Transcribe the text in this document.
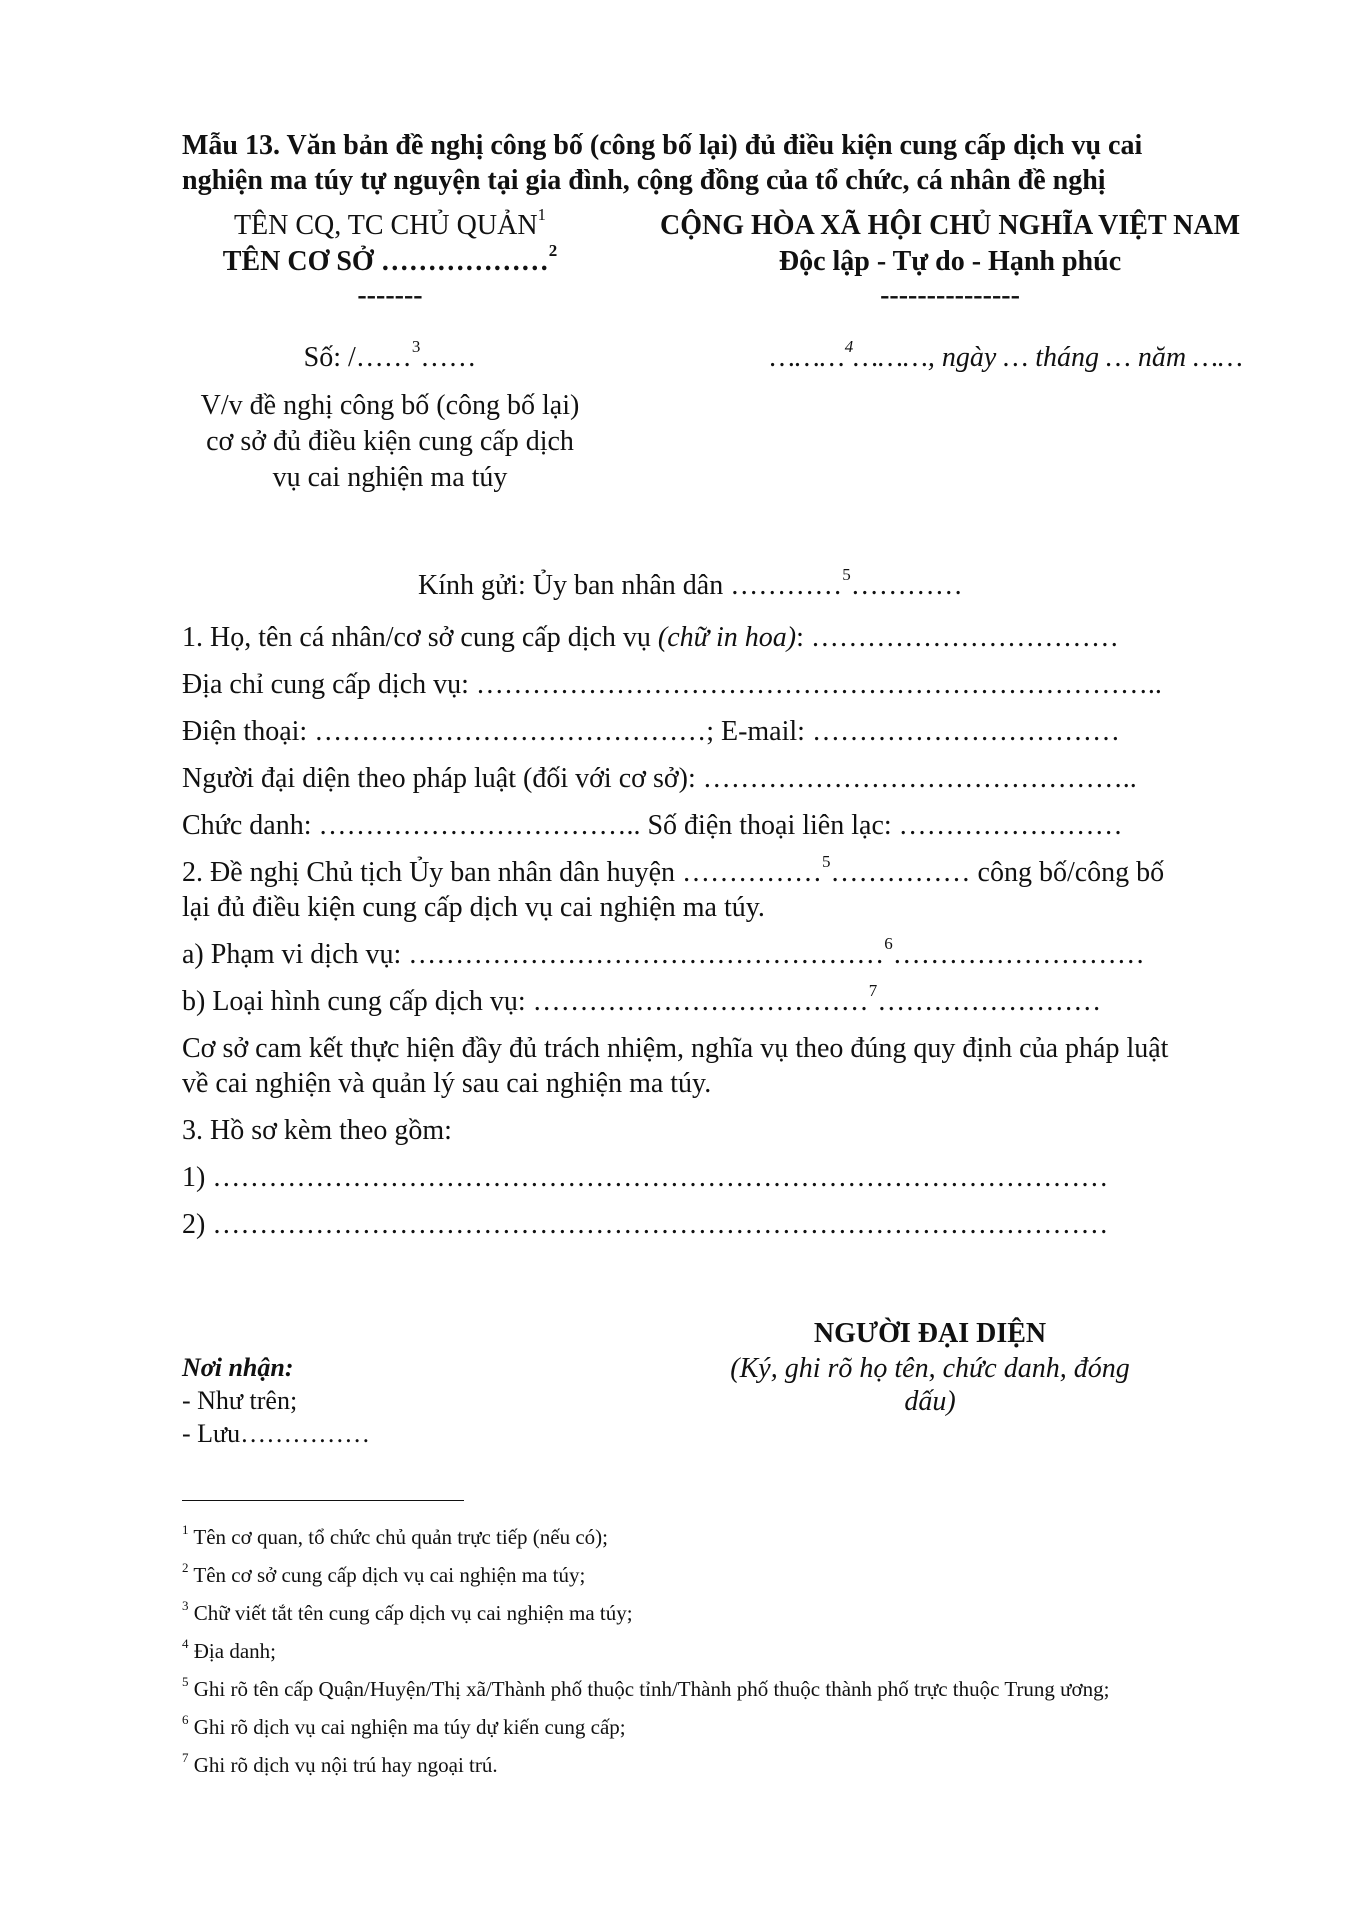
Mẫu 13. Văn bản đề nghị công bố (công bố lại) đủ điều kiện cung cấp dịch vụ cai
nghiện ma túy tự nguyện tại gia đình, cộng đồng của tổ chức, cá nhân đề nghị
TÊN CQ, TC CHỦ QUẢN$^1$
TÊN CƠ SỞ ………………$^2$
-------
CỘNG HÒA XÃ HỘI CHỦ NGHĨA VIỆT NAM
Độc lập - Tự do - Hạnh phúc
---------------
Số: /……$^3$……	………$^4$………, ngày … tháng … năm ……
V/v đề nghị công bố (công bố lại)
cơ sở đủ điều kiện cung cấp dịch
vụ cai nghiện ma túy
Kính gửi: Ủy ban nhân dân …………$^5$…………
1. Họ, tên cá nhân/cơ sở cung cấp dịch vụ (chữ in hoa): ……………………………
Địa chỉ cung cấp dịch vụ: ………………………………………………………………..
Điện thoại: ……………………………………; E-mail: ……………………………
Người đại diện theo pháp luật (đối với cơ sở): ………………………………………..
Chức danh: …………………………….. Số điện thoại liên lạc: ……………………
2. Đề nghị Chủ tịch Ủy ban nhân dân huyện ……………$^5$…………… công bố/công bố
lại đủ điều kiện cung cấp dịch vụ cai nghiện ma túy.
a) Phạm vi dịch vụ: ……………………………………………$^6$………………………
b) Loại hình cung cấp dịch vụ: ………………………………$^7$……………………
Cơ sở cam kết thực hiện đầy đủ trách nhiệm, nghĩa vụ theo đúng quy định của pháp luật
về cai nghiện và quản lý sau cai nghiện ma túy.
3. Hồ sơ kèm theo gồm:
1) ……………………………………………………………………………………
2) ……………………………………………………………………………………
NGƯỜI ĐẠI DIỆN
(Ký, ghi rõ họ tên, chức danh, đóng
dấu)
Nơi nhận:
- Như trên;
- Lưu……………
$^1$ Tên cơ quan, tổ chức chủ quản trực tiếp (nếu có);
$^2$ Tên cơ sở cung cấp dịch vụ cai nghiện ma túy;
$^3$ Chữ viết tắt tên cung cấp dịch vụ cai nghiện ma túy;
$^4$ Địa danh;
$^5$ Ghi rõ tên cấp Quận/Huyện/Thị xã/Thành phố thuộc tỉnh/Thành phố thuộc thành phố trực thuộc Trung ương;
$^6$ Ghi rõ dịch vụ cai nghiện ma túy dự kiến cung cấp;
$^7$ Ghi rõ dịch vụ nội trú hay ngoại trú.
